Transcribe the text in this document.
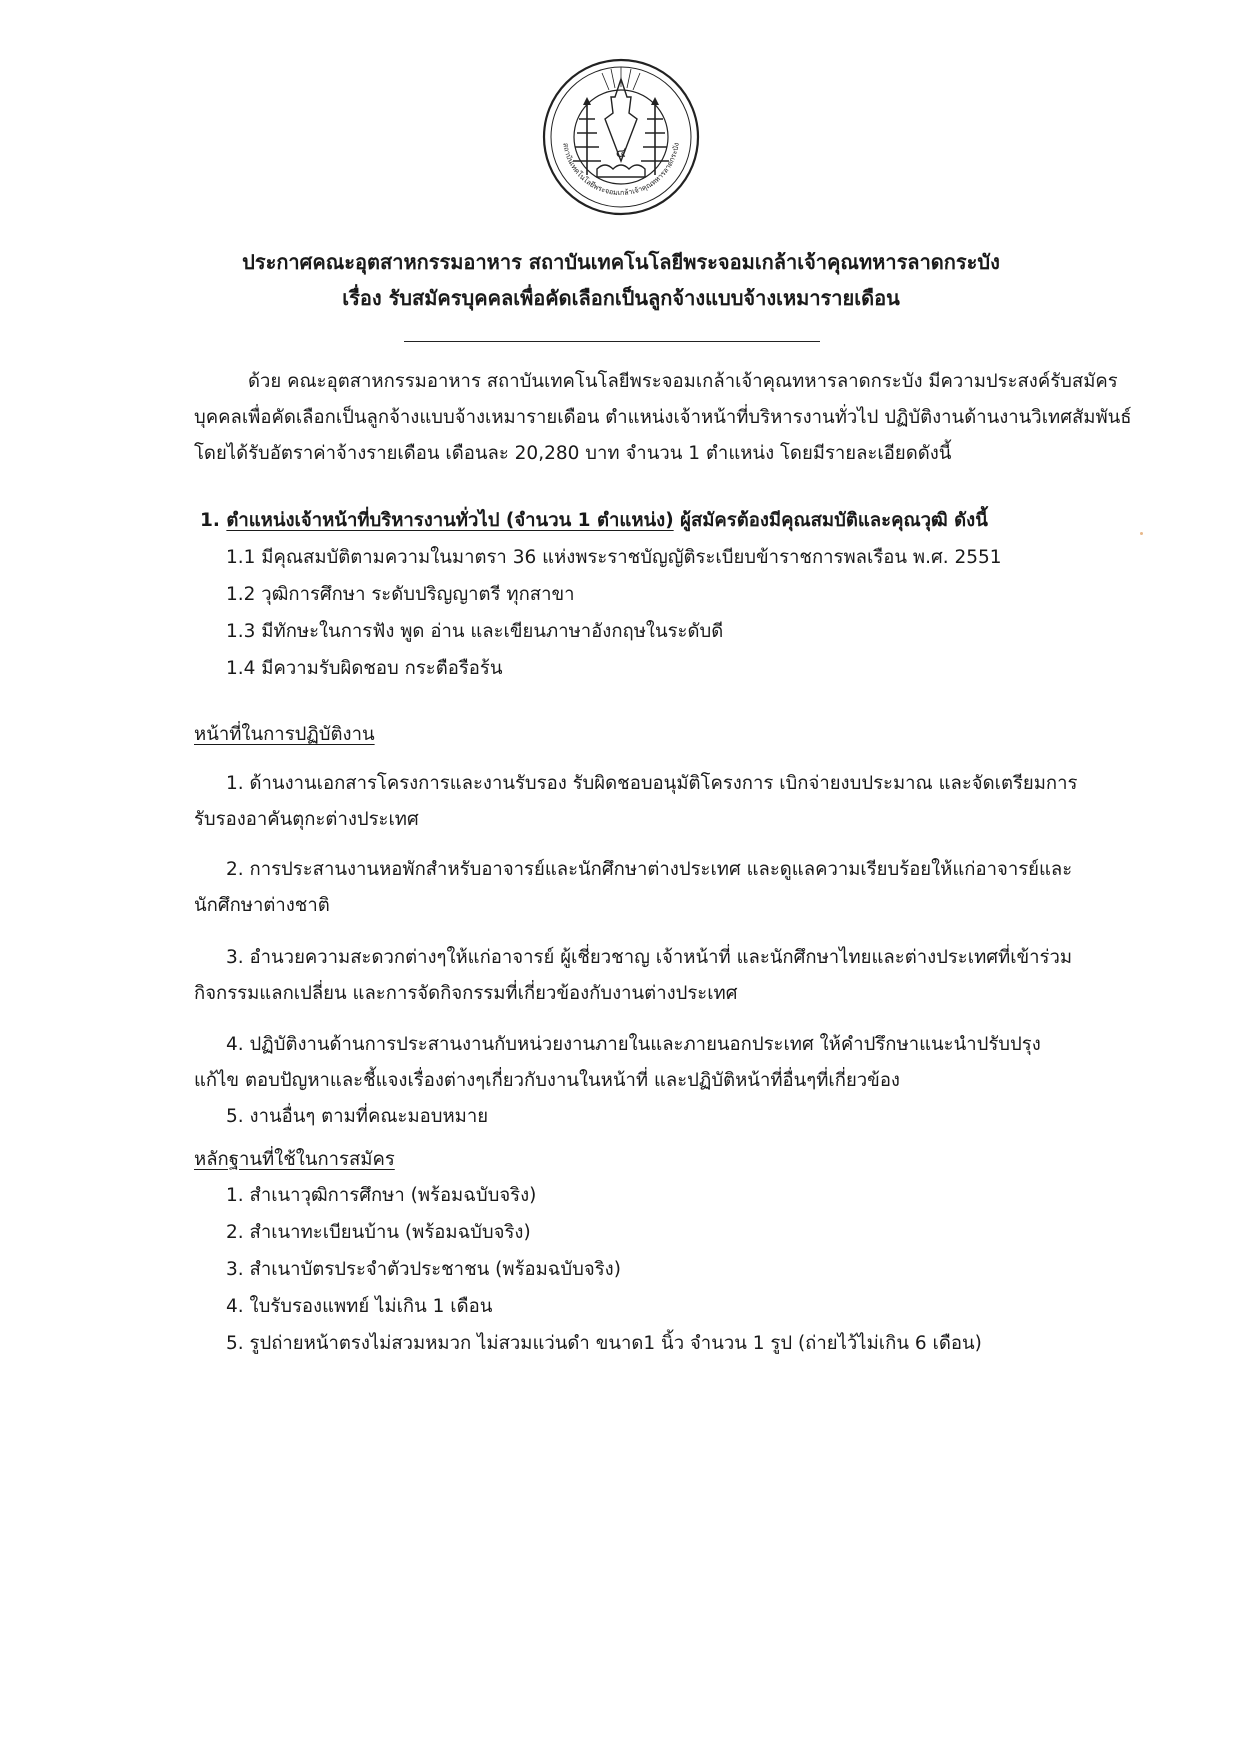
๔
สถาบันเทคโนโลยีพระจอมเกล้าเจ้าคุณทหารลาดกระบัง
ประกาศคณะอุตสาหกรรมอาหาร สถาบันเทคโนโลยีพระจอมเกล้าเจ้าคุณทหารลาดกระบัง
เรื่อง รับสมัครบุคคลเพื่อคัดเลือกเป็นลูกจ้างแบบจ้างเหมารายเดือน

ด้วย คณะอุตสาหกรรมอาหาร สถาบันเทคโนโลยีพระจอมเกล้าเจ้าคุณทหารลาดกระบัง มีความประสงค์รับสมัคร

บุคคลเพื่อคัดเลือกเป็นลูกจ้างแบบจ้างเหมารายเดือน ตำแหน่งเจ้าหน้าที่บริหารงานทั่วไป ปฏิบัติงานด้านงานวิเทศสัมพันธ์

โดยได้รับอัตราค่าจ้างรายเดือน เดือนละ 20,280 บาท จำนวน 1 ตำแหน่ง โดยมีรายละเอียดดังนี้

1. ตำแหน่งเจ้าหน้าที่บริหารงานทั่วไป (จำนวน 1 ตำแหน่ง) ผู้สมัครต้องมีคุณสมบัติและคุณวุฒิ ดังนี้
1.1 มีคุณสมบัติตามความในมาตรา 36 แห่งพระราชบัญญัติระเบียบข้าราชการพลเรือน พ.ศ. 2551
1.2 วุฒิการศึกษา ระดับปริญญาตรี ทุกสาขา
1.3 มีทักษะในการฟัง พูด อ่าน และเขียนภาษาอังกฤษในระดับดี
1.4 มีความรับผิดชอบ กระตือรือร้น
หน้าที่ในการปฏิบัติงาน
1. ด้านงานเอกสารโครงการและงานรับรอง รับผิดชอบอนุมัติโครงการ เบิกจ่ายงบประมาณ และจัดเตรียมการ
รับรองอาคันตุกะต่างประเทศ
2. การประสานงานหอพักสำหรับอาจารย์และนักศึกษาต่างประเทศ และดูแลความเรียบร้อยให้แก่อาจารย์และ
นักศึกษาต่างชาติ
3. อำนวยความสะดวกต่างๆให้แก่อาจารย์ ผู้เชี่ยวชาญ เจ้าหน้าที่ และนักศึกษาไทยและต่างประเทศที่เข้าร่วม
กิจกรรมแลกเปลี่ยน และการจัดกิจกรรมที่เกี่ยวข้องกับงานต่างประเทศ
4. ปฏิบัติงานด้านการประสานงานกับหน่วยงานภายในและภายนอกประเทศ ให้คำปรึกษาแนะนำปรับปรุง
แก้ไข ตอบปัญหาและชี้แจงเรื่องต่างๆเกี่ยวกับงานในหน้าที่ และปฏิบัติหน้าที่อื่นๆที่เกี่ยวข้อง
5. งานอื่นๆ ตามที่คณะมอบหมาย
หลักฐานที่ใช้ในการสมัคร
1. สำเนาวุฒิการศึกษา (พร้อมฉบับจริง)
2. สำเนาทะเบียนบ้าน (พร้อมฉบับจริง)
3. สำเนาบัตรประจำตัวประชาชน (พร้อมฉบับจริง)
4. ใบรับรองแพทย์ ไม่เกิน 1 เดือน
5. รูปถ่ายหน้าตรงไม่สวมหมวก ไม่สวมแว่นดำ ขนาด1 นิ้ว จำนวน 1 รูป (ถ่ายไว้ไม่เกิน 6 เดือน)
